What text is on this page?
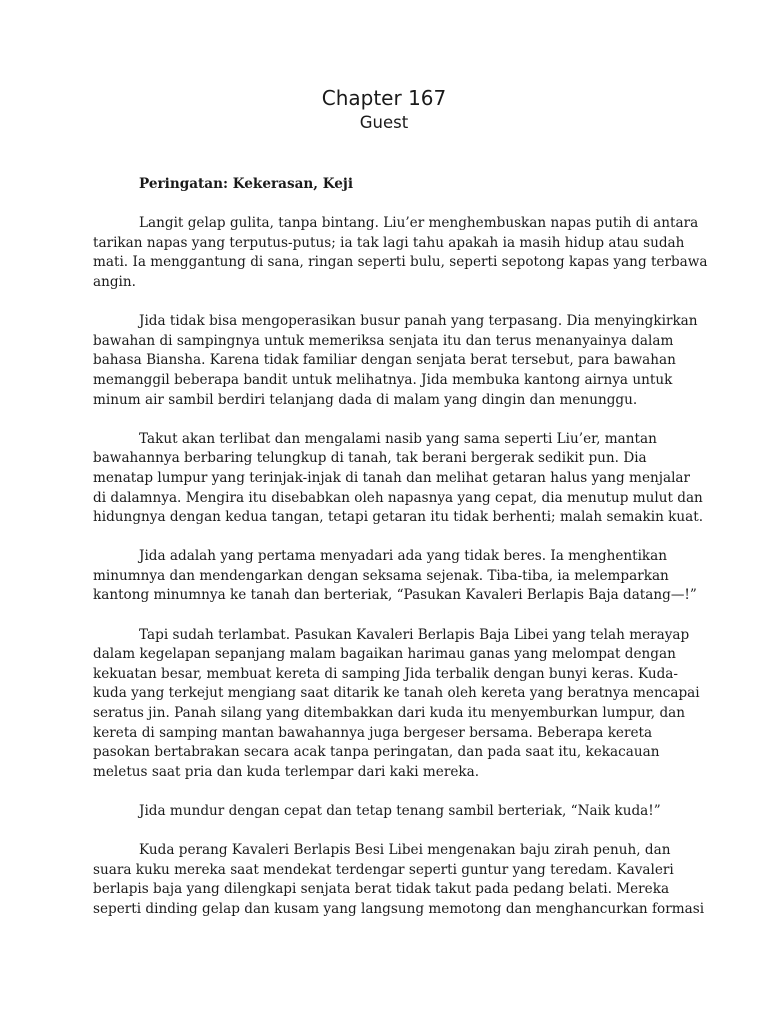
Chapter 167
Guest

Peringatan: Kekerasan, Keji

Langit gelap gulita, tanpa bintang. Liu’er menghembuskan napas putih di antara
tarikan napas yang terputus-putus; ia tak lagi tahu apakah ia masih hidup atau sudah
mati. Ia menggantung di sana, ringan seperti bulu, seperti sepotong kapas yang terbawa
angin.

Jida tidak bisa mengoperasikan busur panah yang terpasang. Dia menyingkirkan
bawahan di sampingnya untuk memeriksa senjata itu dan terus menanyainya dalam
bahasa Biansha. Karena tidak familiar dengan senjata berat tersebut, para bawahan
memanggil beberapa bandit untuk melihatnya. Jida membuka kantong airnya untuk
minum air sambil berdiri telanjang dada di malam yang dingin dan menunggu.

Takut akan terlibat dan mengalami nasib yang sama seperti Liu’er, mantan
bawahannya berbaring telungkup di tanah, tak berani bergerak sedikit pun. Dia
menatap lumpur yang terinjak-injak di tanah dan melihat getaran halus yang menjalar
di dalamnya. Mengira itu disebabkan oleh napasnya yang cepat, dia menutup mulut dan
hidungnya dengan kedua tangan, tetapi getaran itu tidak berhenti; malah semakin kuat.

Jida adalah yang pertama menyadari ada yang tidak beres. Ia menghentikan
minumnya dan mendengarkan dengan seksama sejenak. Tiba-tiba, ia melemparkan
kantong minumnya ke tanah dan berteriak, “Pasukan Kavaleri Berlapis Baja datang—!”

Tapi sudah terlambat. Pasukan Kavaleri Berlapis Baja Libei yang telah merayap
dalam kegelapan sepanjang malam bagaikan harimau ganas yang melompat dengan
kekuatan besar, membuat kereta di samping Jida terbalik dengan bunyi keras. Kuda-
kuda yang terkejut mengiang saat ditarik ke tanah oleh kereta yang beratnya mencapai
seratus jin. Panah silang yang ditembakkan dari kuda itu menyemburkan lumpur, dan
kereta di samping mantan bawahannya juga bergeser bersama. Beberapa kereta
pasokan bertabrakan secara acak tanpa peringatan, dan pada saat itu, kekacauan
meletus saat pria dan kuda terlempar dari kaki mereka.

Jida mundur dengan cepat dan tetap tenang sambil berteriak, “Naik kuda!”

Kuda perang Kavaleri Berlapis Besi Libei mengenakan baju zirah penuh, dan
suara kuku mereka saat mendekat terdengar seperti guntur yang teredam. Kavaleri
berlapis baja yang dilengkapi senjata berat tidak takut pada pedang belati. Mereka
seperti dinding gelap dan kusam yang langsung memotong dan menghancurkan formasi
